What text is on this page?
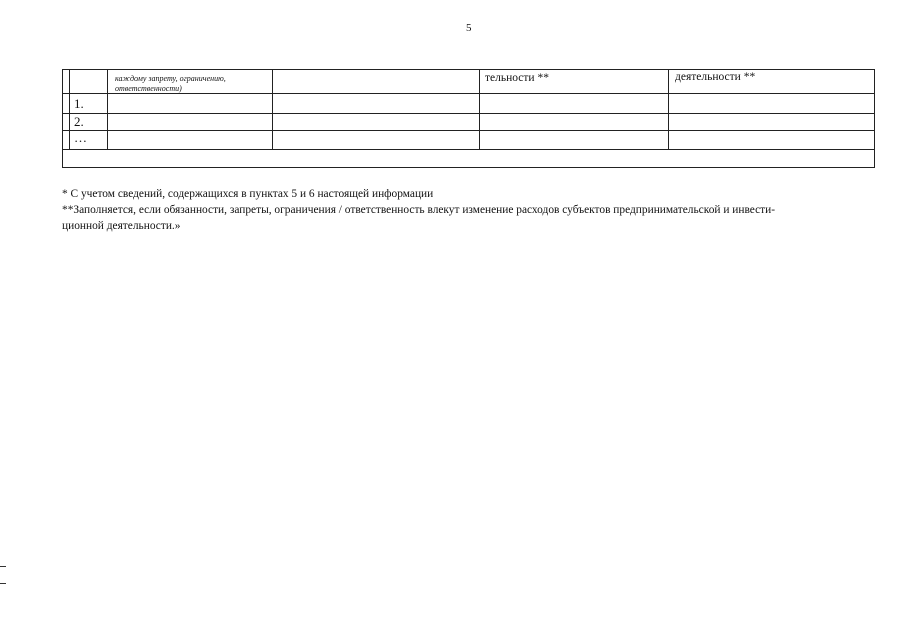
5
каждому запрету, ограничению,
ответственности)
тельности **	деятельности **
1.
2.
…

* С учетом сведений, содержащихся в пунктах 5 и 6 настоящей информации

**Заполняется, если обязанности, запреты, ограничения / ответственность влекут изменение расходов субъектов предпринимательской и инвести-

ционной деятельности.»
